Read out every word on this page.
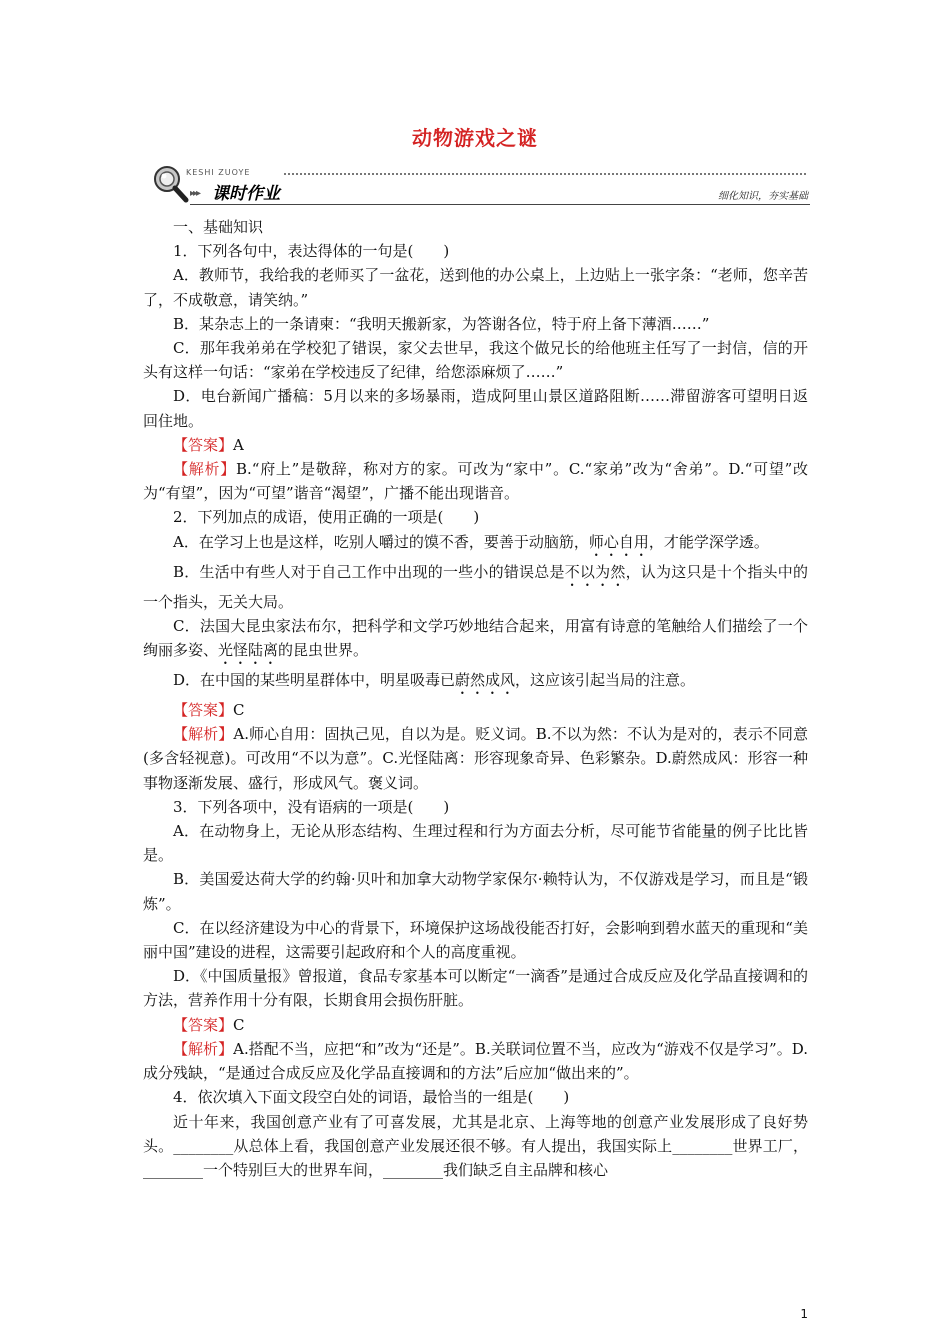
动物游戏之谜
KESHI ZUOYE
▸▸▸ 课时作业	细化知识，夯实基础

一、基础知识

1．下列各句中，表达得体的一句是(　　)

A．教师节，我给我的老师买了一盆花，送到他的办公桌上，上边贴上一张字条：“老师，您辛苦了，不成敬意，请笑纳。”

B．某杂志上的一条请柬：“我明天搬新家，为答谢各位，特于府上备下薄酒……”

C．那年我弟弟在学校犯了错误，家父去世早，我这个做兄长的给他班主任写了一封信，信的开头有这样一句话：“家弟在学校违反了纪律，给您添麻烦了……”

D．电台新闻广播稿：5月以来的多场暴雨，造成阿里山景区道路阻断……滞留游客可望明日返回住地。

【答案】A

【解析】B.“府上”是敬辞，称对方的家。可改为“家中”。C.“家弟”改为“舍弟”。D.“可望”改为“有望”，因为“可望”谐音“渴望”，广播不能出现谐音。

2．下列加点的成语，使用正确的一项是(　　)

A．在学习上也是这样，吃别人嚼过的馍不香，要善于动脑筋，师心自用，才能学深学透。

B．生活中有些人对于自己工作中出现的一些小的错误总是不以为然，认为这只是十个指头中的一个指头，无关大局。

C．法国大昆虫家法布尔，把科学和文学巧妙地结合起来，用富有诗意的笔触给人们描绘了一个绚丽多姿、光怪陆离的昆虫世界。

D．在中国的某些明星群体中，明星吸毒已蔚然成风，这应该引起当局的注意。

【答案】C

【解析】A.师心自用：固执己见，自以为是。贬义词。B.不以为然：不认为是对的，表示不同意(多含轻视意)。可改用“不以为意”。C.光怪陆离：形容现象奇异、色彩繁杂。D.蔚然成风：形容一种事物逐渐发展、盛行，形成风气。褒义词。

3．下列各项中，没有语病的一项是(　　)

A．在动物身上，无论从形态结构、生理过程和行为方面去分析，尽可能节省能量的例子比比皆是。

B．美国爱达荷大学的约翰·贝叶和加拿大动物学家保尔·赖特认为，不仅游戏是学习，而且是“锻炼”。

C．在以经济建设为中心的背景下，环境保护这场战役能否打好，会影响到碧水蓝天的重现和“美丽中国”建设的进程，这需要引起政府和个人的高度重视。

D．《中国质量报》曾报道，食品专家基本可以断定“一滴香”是通过合成反应及化学品直接调和的方法，营养作用十分有限，长期食用会损伤肝脏。

【答案】C

【解析】A.搭配不当，应把“和”改为“还是”。B.关联词位置不当，应改为“游戏不仅是学习”。D.成分残缺，“是通过合成反应及化学品直接调和的方法”后应加“做出来的”。

4．依次填入下面文段空白处的词语，最恰当的一组是(　　)

近十年来，我国创意产业有了可喜发展，尤其是北京、上海等地的创意产业发展形成了良好势头。________从总体上看，我国创意产业发展还很不够。有人提出，我国实际上________世界工厂，________一个特别巨大的世界车间，________我们缺乏自主品牌和核心

1
